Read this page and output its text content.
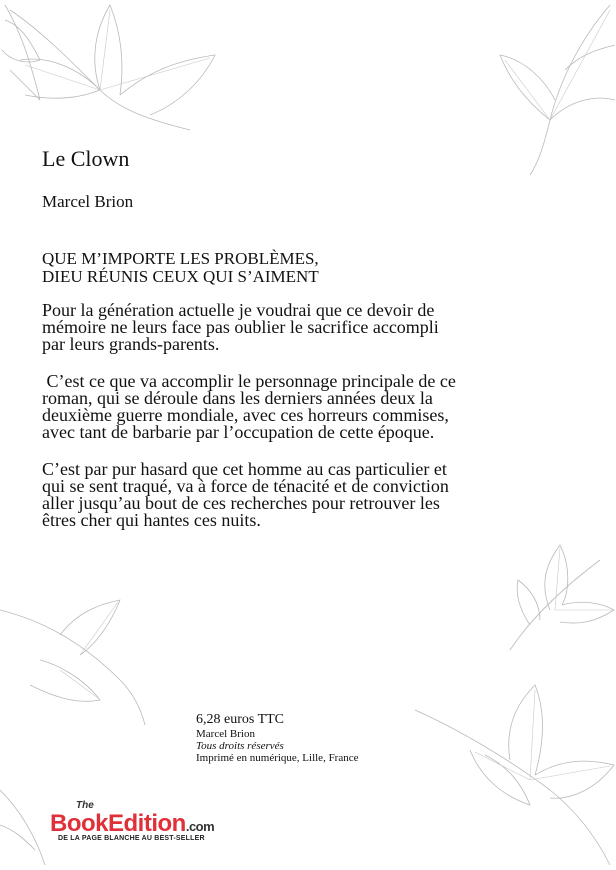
Le Clown
Marcel Brion
QUE M’IMPORTE LES PROBLÈMES,
DIEU RÉUNIS CEUX QUI S’AIMENT

Pour la génération actuelle je voudrai que ce devoir de mémoire ne leurs face pas oublier le sacrifice accompli par leurs grands-parents.

C’est ce que va accomplir le personnage principale de ce roman, qui se déroule dans les derniers années deux la deuxième guerre mondiale, avec ces horreurs commises, avec tant de barbarie par l’occupation de cette époque.

C’est par pur hasard que cet homme au cas particulier et qui se sent traqué, va à force de ténacité et de conviction aller jusqu’au bout de ces recherches pour retrouver les êtres cher qui hantes ces nuits.

6,28 euros TTC
Marcel Brion
Tous droits réservés
Imprimé en numérique, Lille, France
The
BookEdition.com
DE LA PAGE BLANCHE AU BEST-SELLER
